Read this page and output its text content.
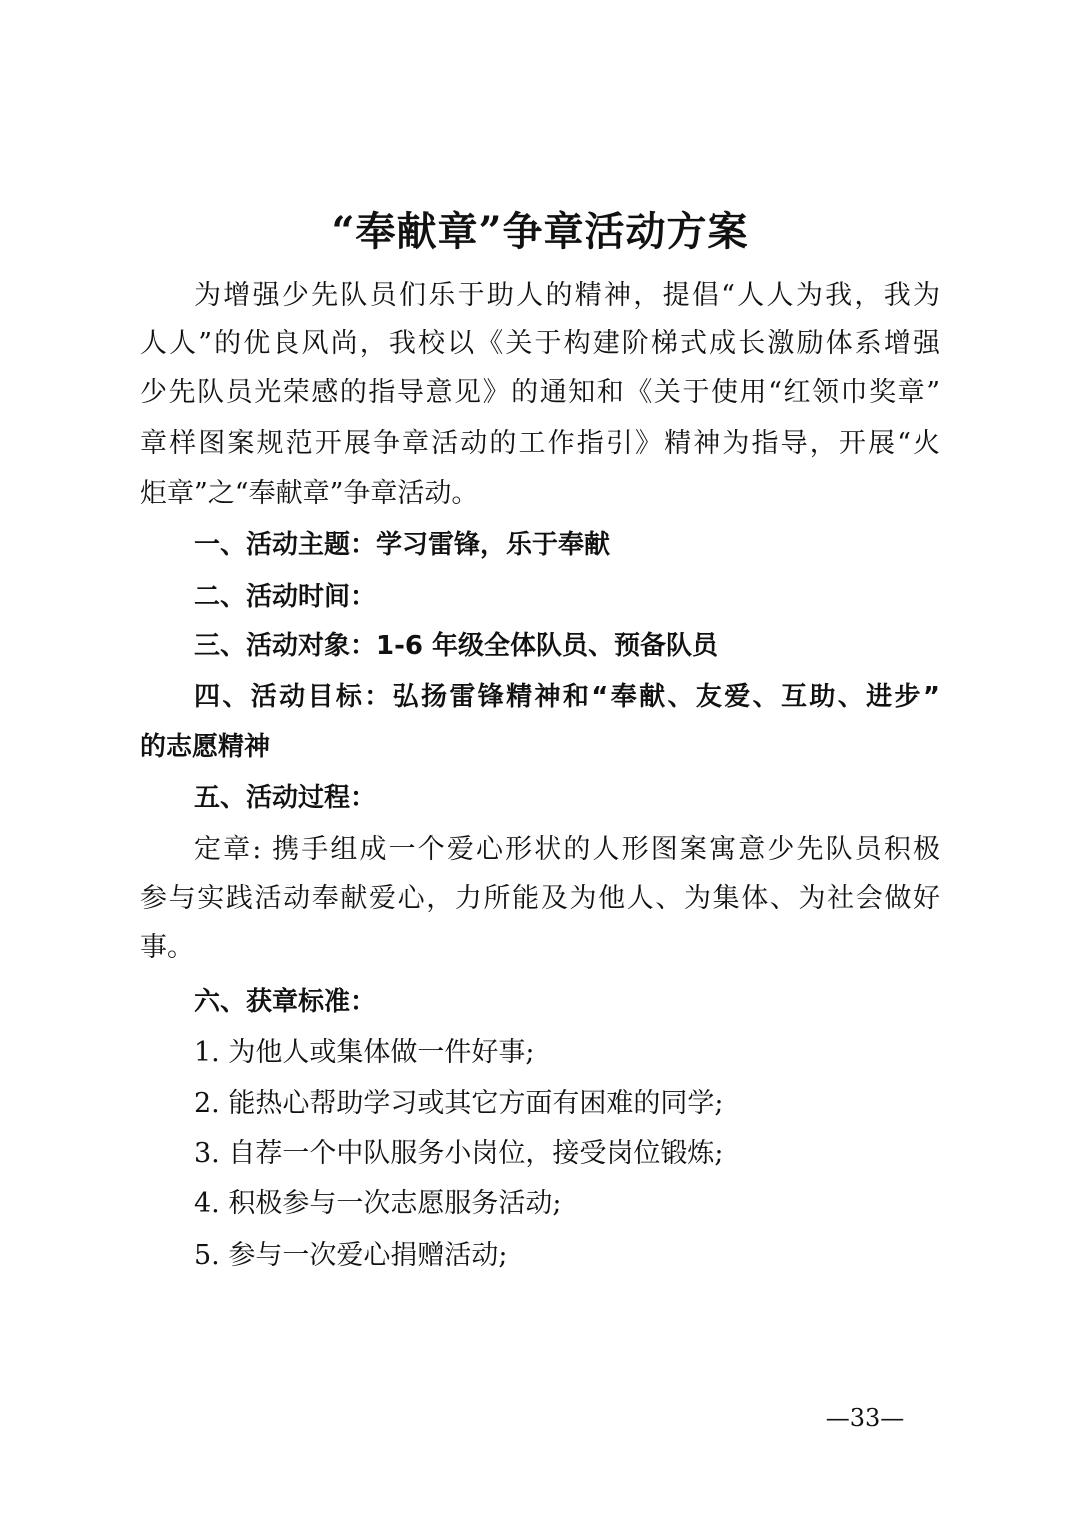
“奉献章”争章活动方案
为增强少先队员们乐于助人的精神，提倡“人人为我，我为
人人”的优良风尚，我校以《关于构建阶梯式成长激励体系增强
少先队员光荣感的指导意见》的通知和《关于使用“红领巾奖章”
章样图案规范开展争章活动的工作指引》精神为指导，开展“火
炬章”之“奉献章”争章活动。
一、活动主题：学习雷锋，乐于奉献
二、活动时间：
三、活动对象：1-6 年级全体队员、预备队员
四、活动目标：弘扬雷锋精神和“奉献、友爱、互助、进步”
的志愿精神
五、活动过程：
定章: 携手组成一个爱心形状的人形图案寓意少先队员积极
参与实践活动奉献爱心，力所能及为他人、为集体、为社会做好
事。
六、获章标准：
1. 为他人或集体做一件好事;
2. 能热心帮助学习或其它方面有困难的同学;
3. 自荐一个中队服务小岗位，接受岗位锻炼;
4. 积极参与一次志愿服务活动;
5. 参与一次爱心捐赠活动;
—33—
